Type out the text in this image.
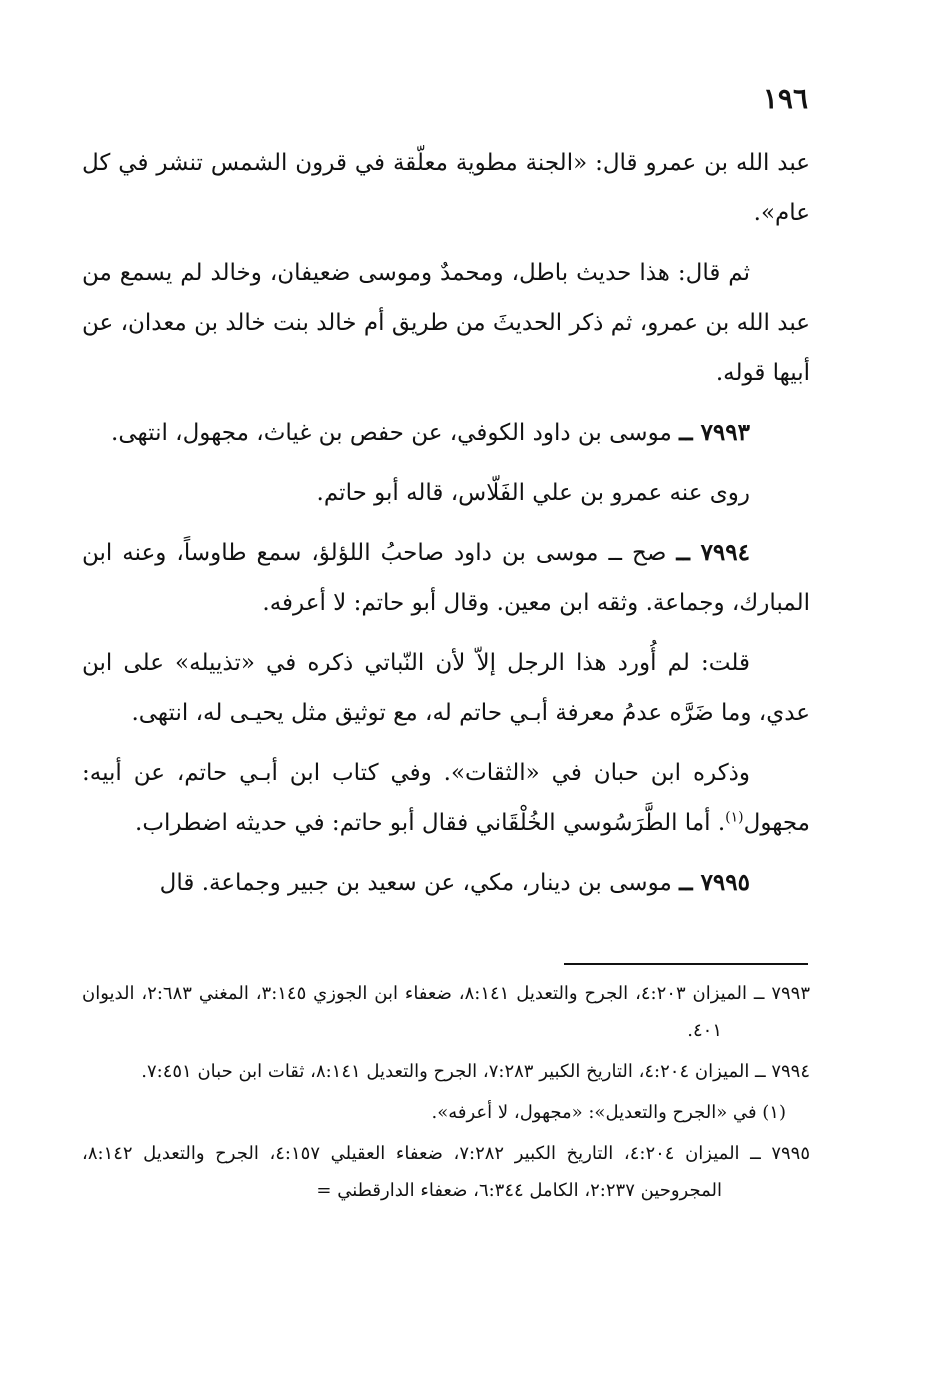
١٩٦

عبد الله بن عمرو قال: «الجنة مطوية معلّقة في قرون الشمس تنشر في كل عام».

ثم قال: هذا حديث باطل، ومحمدٌ وموسى ضعيفان، وخالد لم يسمع من عبد الله بن عمرو، ثم ذكر الحديثَ من طريق أم خالد بنت خالد بن معدان، عن أبيها قوله.

٧٩٩٣ ــ موسى بن داود الكوفي، عن حفص بن غياث، مجهول، انتهى.

روى عنه عمرو بن علي الفَلّاس، قاله أبو حاتم.

٧٩٩٤ ــ صح ــ موسى بن داود صاحبُ اللؤلؤ، سمع طاوساً، وعنه ابن المبارك، وجماعة. وثقه ابن معين. وقال أبو حاتم: لا أعرفه.

قلت: لم أُورد هذا الرجل إلاّ لأن النّباتي ذكره في «تذييله» على ابن عدي، وما ضَرَّه عدمُ معرفة أبـي حاتم له، مع توثيق مثل يحيـى له، انتهى.

وذكره ابن حبان في «الثقات». وفي كتاب ابن أبـي حاتم، عن أبيه: مجهول$^{(١)}$. أما الطَّرَسُوسي الخُلْقَاني فقال أبو حاتم: في حديثه اضطراب.

٧٩٩٥ ــ موسى بن دينار، مكي، عن سعيد بن جبير وجماعة. قال

٧٩٩٣ ــ الميزان ٤:٢٠٣، الجرح والتعديل ٨:١٤١، ضعفاء ابن الجوزي ٣:١٤٥، المغني ٢:٦٨٣، الديوان ٤٠١.

٧٩٩٤ ــ الميزان ٤:٢٠٤، التاريخ الكبير ٧:٢٨٣، الجرح والتعديل ٨:١٤١، ثقات ابن حبان ٧:٤٥١.

(١) في «الجرح والتعديل»: «مجهول، لا أعرفه».

٧٩٩٥ ــ الميزان ٤:٢٠٤، التاريخ الكبير ٧:٢٨٢، ضعفاء العقيلي ٤:١٥٧، الجرح والتعديل ٨:١٤٢، المجروحين ٢:٢٣٧، الكامل ٦:٣٤٤، ضعفاء الدارقطني =
